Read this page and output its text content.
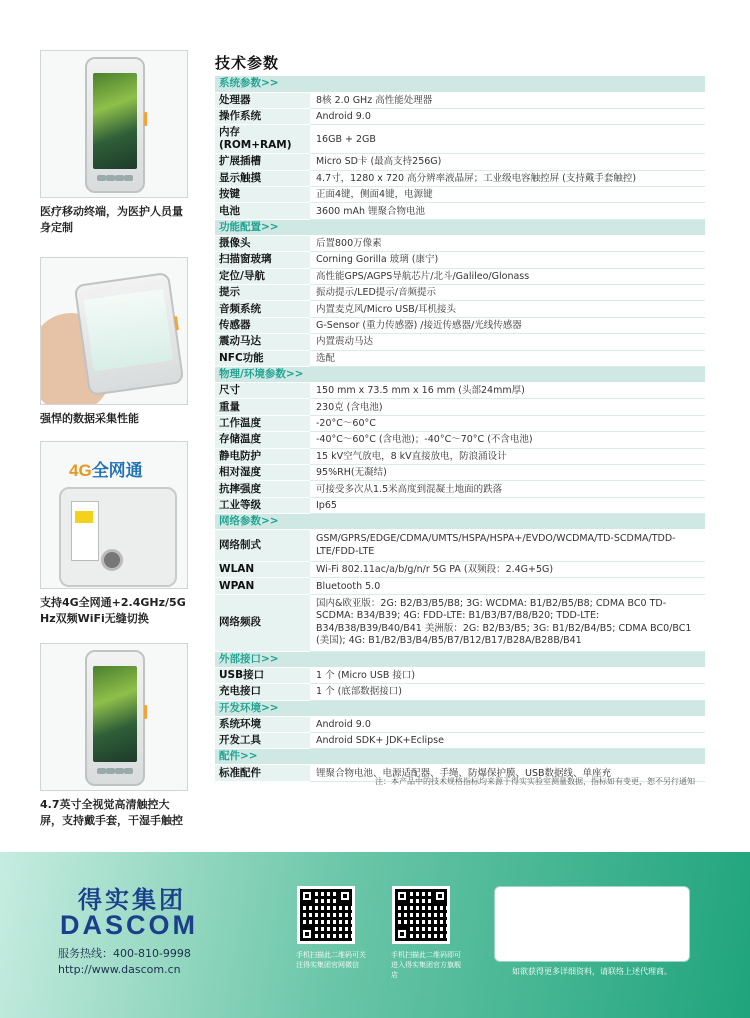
医疗移动终端，为医护人员量身定制
强悍的数据采集性能
4G全网通
支持4G全网通+2.4GHz/5GHz双频WiFi无缝切换
4.7英寸全视觉高清触控大屏，支持戴手套，干湿手触控
技术参数
系统参数>>	
处理器	8核 2.0 GHz 高性能处理器
操作系统	Android 9.0
内存(ROM+RAM)	16GB + 2GB
扩展插槽	Micro SD卡 (最高支持256G)
显示触摸	4.7寸，1280 x 720 高分辨率液晶屏；工业级电容触控屏 (支持戴手套触控)
按键	正面4键，侧面4键，电源键
电池	3600 mAh 锂聚合物电池
功能配置>>	
摄像头	后置800万像素
扫描窗玻璃	Corning Gorilla 玻璃 (康宁)
定位/导航	高性能GPS/AGPS导航芯片/北斗/Galileo/Glonass
提示	振动提示/LED提示/音频提示
音频系统	内置麦克风/Micro USB/耳机接头
传感器	G-Sensor (重力传感器) /接近传感器/光线传感器
震动马达	内置震动马达
NFC功能	选配
物理/环境参数>>	
尺寸	150 mm x 73.5 mm x 16 mm (头部24mm厚)
重量	230克 (含电池)
工作温度	-20°C～60°C
存储温度	-40°C～60°C (含电池)；-40°C～70°C (不含电池)
静电防护	15 kV空气放电，8 kV直接放电，防浪涌设计
相对湿度	95%RH(无凝结)
抗摔强度	可接受多次从1.5米高度到混凝土地面的跌落
工业等级	Ip65
网络参数>>	
网络制式	GSM/GPRS/EDGE/CDMA/UMTS/HSPA/HSPA+/EVDO/WCDMA/TD-SCDMA/TDD-LTE/FDD-LTE
WLAN	Wi-Fi 802.11ac/a/b/g/n/r 5G PA (双频段：2.4G+5G)
WPAN	Bluetooth 5.0
网络频段	国内&欧亚版：2G: B2/B3/B5/B8; 3G: WCDMA: B1/B2/B5/B8; CDMA BC0 TD-SCDMA: B34/B39; 4G: FDD-LTE: B1/B3/B7/B8/B20; TDD-LTE: B34/B38/B39/B40/B41 美洲版：2G: B2/B3/B5; 3G: B1/B2/B4/B5; CDMA BC0/BC1 (美国); 4G: B1/B2/B3/B4/B5/B7/B12/B17/B28A/B28B/B41
外部接口>>	
USB接口	1 个 (Micro USB 接口)
充电接口	1 个 (底部数据接口)
开发环境>>	
系统环境	Android 9.0
开发工具	Android SDK+ JDK+Eclipse
配件>>	
标准配件	锂聚合物电池、电源适配器、手绳、防爆保护膜、USB数据线、单座充
注：本产品中的技术规格指标均来源于得实实验室测量数据，指标如有变更，恕不另行通知
得实集团
DASCOM
服务热线：400-810-9998
http://www.dascom.cn
手机扫描此二维码可关注得实集团官网微信
手机扫描此二维码即可进入得实集团官方旗舰店	如欲获得更多详细资料，请联络上述代理商。
